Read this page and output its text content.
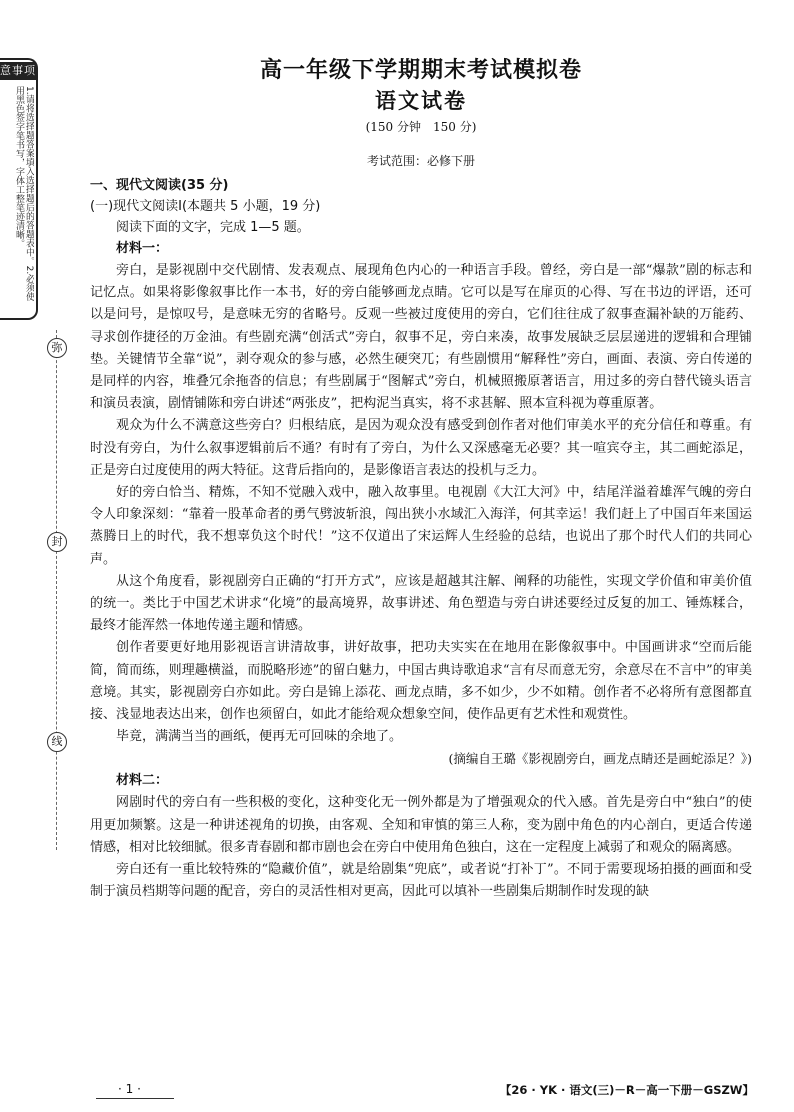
意事项
1.请将选择题答案填入选择题后的答题表中。2.必须使用黑色签字笔书写，字体工整笔迹清晰。
弥
封
线
高一年级下学期期末考试模拟卷
语文试卷
(150 分钟　150 分)
考试范围：必修下册
一、现代文阅读(35 分)
(一)现代文阅读Ⅰ(本题共 5 小题，19 分)
阅读下面的文字，完成 1—5 题。
材料一：

旁白，是影视剧中交代剧情、发表观点、展现角色内心的一种语言手段。曾经，旁白是一部“爆款”剧的标志和记忆点。如果将影像叙事比作一本书，好的旁白能够画龙点睛。它可以是写在扉页的心得、写在书边的评语，还可以是问号，是惊叹号，是意味无穷的省略号。反观一些被过度使用的旁白，它们往往成了叙事查漏补缺的万能药、寻求创作捷径的万金油。有些剧充满“创活式”旁白，叙事不足，旁白来凑，故事发展缺乏层层递进的逻辑和合理铺垫。关键情节全靠“说”，剥夺观众的参与感，必然生硬突兀；有些剧惯用“解释性”旁白，画面、表演、旁白传递的是同样的内容，堆叠冗余拖沓的信息；有些剧属于“图解式”旁白，机械照搬原著语言，用过多的旁白替代镜头语言和演员表演，剧情铺陈和旁白讲述“两张皮”，把构泥当真实，将不求甚解、照本宣科视为尊重原著。

观众为什么不满意这些旁白？归根结底，是因为观众没有感受到创作者对他们审美水平的充分信任和尊重。有时没有旁白，为什么叙事逻辑前后不通？有时有了旁白，为什么又深感毫无必要？其一喧宾夺主，其二画蛇添足，正是旁白过度使用的两大特征。这背后指向的，是影像语言表达的投机与乏力。

好的旁白恰当、精炼，不知不觉融入戏中，融入故事里。电视剧《大江大河》中，结尾洋溢着雄浑气魄的旁白令人印象深刻：“靠着一股革命者的勇气劈波斩浪，闯出狭小水域汇入海洋，何其幸运！我们赶上了中国百年来国运蒸腾日上的时代，我不想辜负这个时代！”这不仅道出了宋运辉人生经验的总结，也说出了那个时代人们的共同心声。

从这个角度看，影视剧旁白正确的“打开方式”，应该是超越其注解、阐释的功能性，实现文学价值和审美价值的统一。类比于中国艺术讲求“化境”的最高境界，故事讲述、角色塑造与旁白讲述要经过反复的加工、锤炼糅合，最终才能浑然一体地传递主题和情感。

创作者要更好地用影视语言讲清故事，讲好故事，把功夫实实在在地用在影像叙事中。中国画讲求“空而后能简，简而练，则理趣横溢，而脱略形迹”的留白魅力，中国古典诗歌追求“言有尽而意无穷，余意尽在不言中”的审美意境。其实，影视剧旁白亦如此。旁白是锦上添花、画龙点睛，多不如少，少不如精。创作者不必将所有意图都直接、浅显地表达出来，创作也须留白，如此才能给观众想象空间，使作品更有艺术性和观赏性。

毕竟，满满当当的画纸，便再无可回味的余地了。

(摘编自王璐《影视剧旁白，画龙点睛还是画蛇添足？》)

材料二：

网剧时代的旁白有一些积极的变化，这种变化无一例外都是为了增强观众的代入感。首先是旁白中“独白”的使用更加频繁。这是一种讲述视角的切换，由客观、全知和审慎的第三人称，变为剧中角色的内心剖白，更适合传递情感，相对比较细腻。很多青春剧和都市剧也会在旁白中使用角色独白，这在一定程度上减弱了和观众的隔离感。

旁白还有一重比较特殊的“隐藏价值”，就是给剧集“兜底”，或者说“打补丁”。不同于需要现场拍摄的画面和受制于演员档期等问题的配音，旁白的灵活性相对更高，因此可以填补一些剧集后期制作时发现的缺

· 1 ·	【26 · YK · 语文(三)－R－高一下册－GSZW】
